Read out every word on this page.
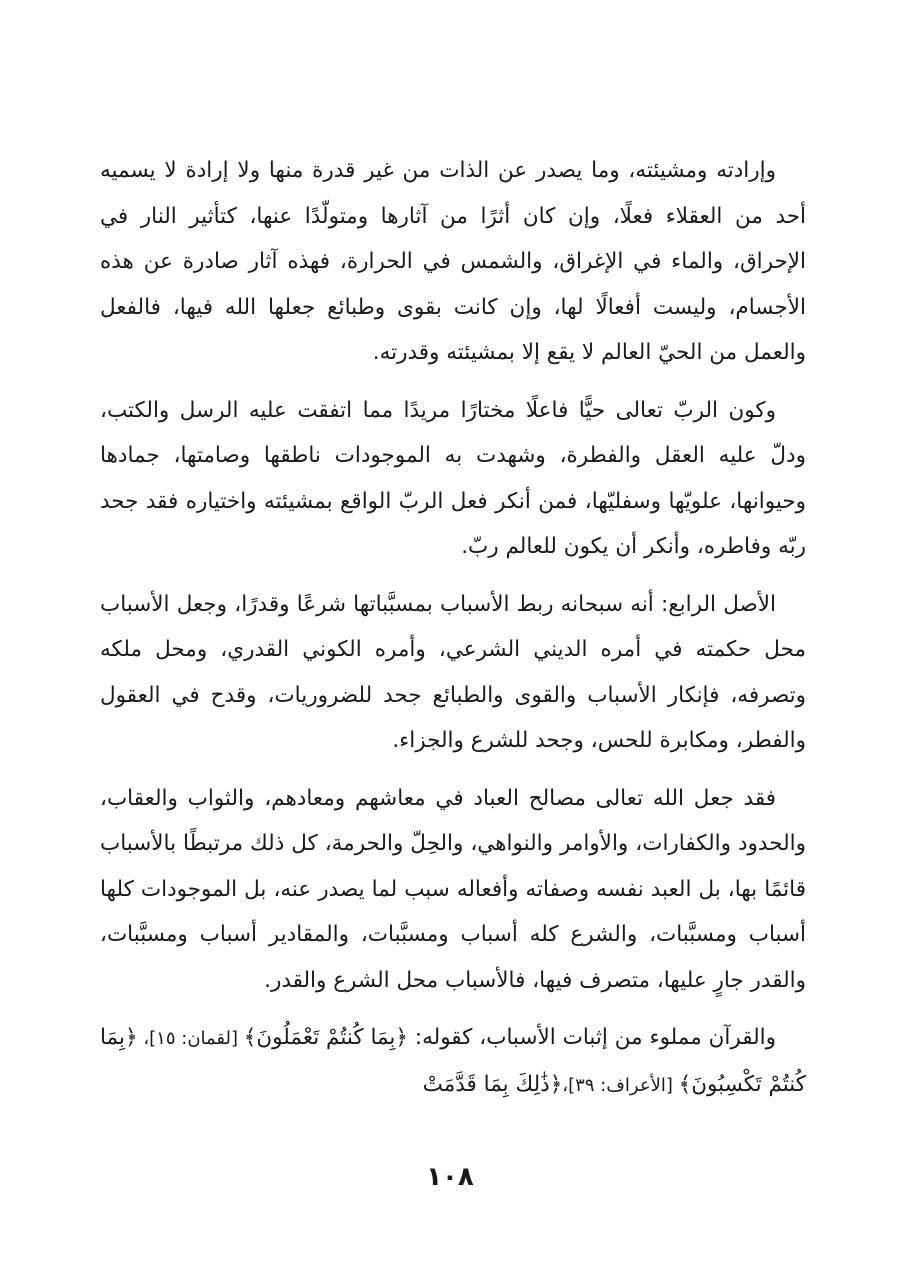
وإرادته ومشيئته، وما يصدر عن الذات من غير قدرة منها ولا إرادة لا يسميه أحد من العقلاء فعلًا، وإن كان أثرًا من آثارها ومتولّدًا عنها، كتأثير النار في الإحراق، والماء في الإغراق، والشمس في الحرارة، فهذه آثار صادرة عن هذه الأجسام، وليست أفعالًا لها، وإن كانت بقوى وطبائع جعلها الله فيها، فالفعل والعمل من الحيّ العالم لا يقع إلا بمشيئته وقدرته.

وكون الربّ تعالى حيًّا فاعلًا مختارًا مريدًا مما اتفقت عليه الرسل والكتب، ودلّ عليه العقل والفطرة، وشهدت به الموجودات ناطقها وصامتها، جمادها وحيوانها، علويّها وسفليّها، فمن أنكر فعل الربّ الواقع بمشيئته واختياره فقد جحد ربّه وفاطره، وأنكر أن يكون للعالم ربّ.

الأصل الرابع: أنه سبحانه ربط الأسباب بمسبَّباتها شرعًا وقدرًا، وجعل الأسباب محل حكمته في أمره الديني الشرعي، وأمره الكوني القدري، ومحل ملكه وتصرفه، فإنكار الأسباب والقوى والطبائع جحد للضروريات، وقدح في العقول والفطر، ومكابرة للحس، وجحد للشرع والجزاء.

فقد جعل الله تعالى مصالح العباد في معاشهم ومعادهم، والثواب والعقاب، والحدود والكفارات، والأوامر والنواهي، والحِلّ والحرمة، كل ذلك مرتبطًا بالأسباب قائمًا بها، بل العبد نفسه وصفاته وأفعاله سبب لما يصدر عنه، بل الموجودات كلها أسباب ومسبَّبات، والشرع كله أسباب ومسبَّبات، والمقادير أسباب ومسبَّبات، والقدر جارٍ عليها، متصرف فيها، فالأسباب محل الشرع والقدر.

والقرآن مملوء من إثبات الأسباب، كقوله: ﴿بِمَا كُنتُمْ تَعْمَلُونَ﴾ [لقمان: ١٥]، ﴿بِمَا كُنتُمْ تَكْسِبُونَ﴾ [الأعراف: ٣٩]،﴿ذَٰلِكَ بِمَا قَدَّمَتْ

١٠٨
